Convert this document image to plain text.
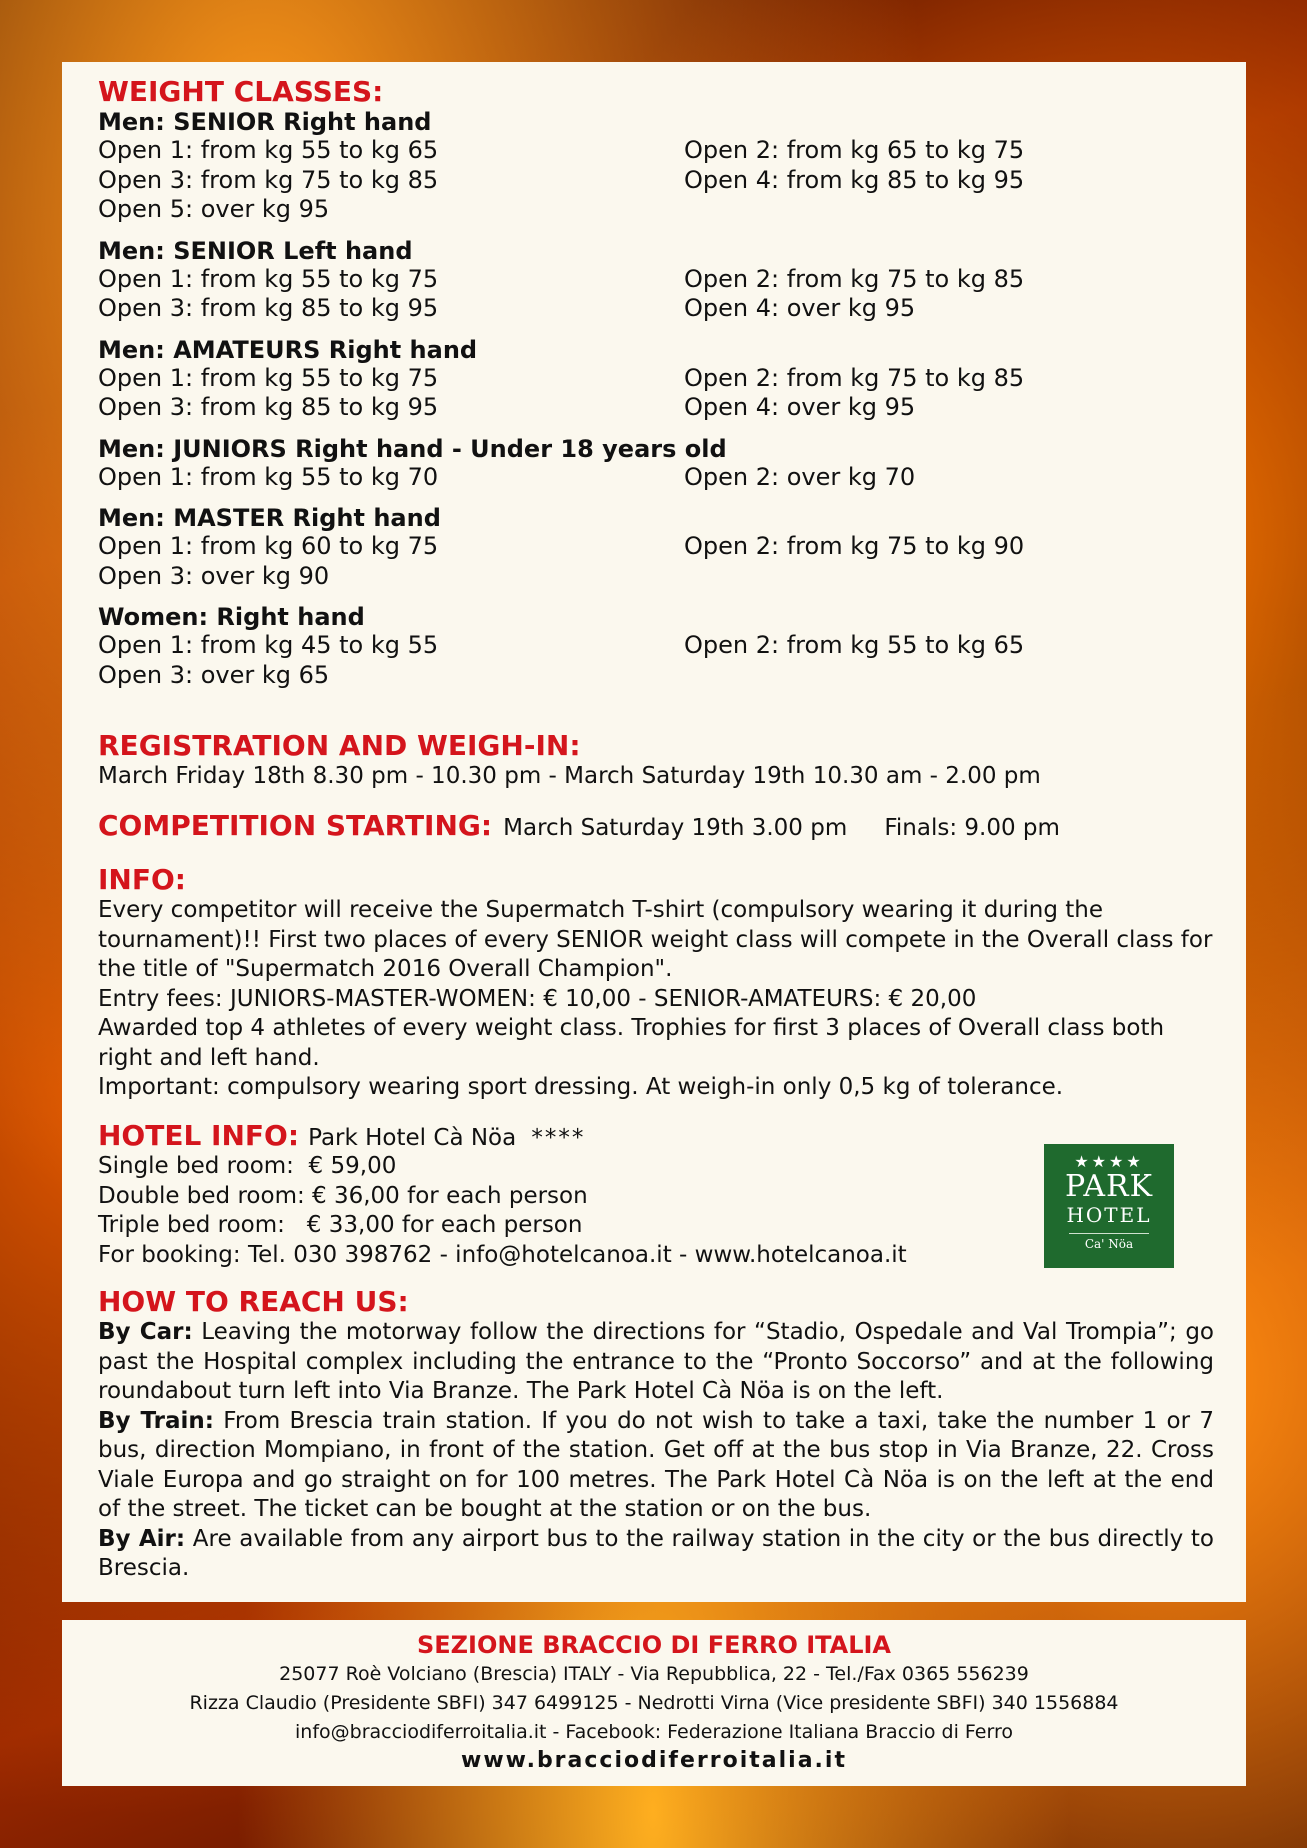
WEIGHT CLASSES:
Men: SENIOR Right hand
Open 1: from kg 55 to kg 65	Open 2: from kg 65 to kg 75
Open 3: from kg 75 to kg 85	Open 4: from kg 85 to kg 95
Open 5: over kg 95
Men: SENIOR Left hand
Open 1: from kg 55 to kg 75	Open 2: from kg 75 to kg 85
Open 3: from kg 85 to kg 95	Open 4: over kg 95
Men: AMATEURS Right hand
Open 1: from kg 55 to kg 75	Open 2: from kg 75 to kg 85
Open 3: from kg 85 to kg 95	Open 4: over kg 95
Men: JUNIORS Right hand - Under 18 years old
Open 1: from kg 55 to kg 70	Open 2: over kg 70
Men: MASTER Right hand
Open 1: from kg 60 to kg 75	Open 2: from kg 75 to kg 90
Open 3: over kg 90
Women: Right hand
Open 1: from kg 45 to kg 55	Open 2: from kg 55 to kg 65
Open 3: over kg 65
REGISTRATION AND WEIGH-IN:
March Friday 18th 8.30 pm - 10.30 pm - March Saturday 19th 10.30 am - 2.00 pm
COMPETITION STARTING: March Saturday 19th 3.00 pm Finals: 9.00 pm
INFO:
Every competitor will receive the Supermatch T-shirt (compulsory wearing it during the tournament)!! First two places of every SENIOR weight class will compete in the Overall class for the title of "Supermatch 2016 Overall Champion".
Entry fees: JUNIORS-MASTER-WOMEN: € 10,00 - SENIOR-AMATEURS: € 20,00
Awarded top 4 athletes of every weight class. Trophies for first 3 places of Overall class both right and left hand.
Important: compulsory wearing sport dressing. At weigh-in only 0,5 kg of tolerance.
HOTEL INFO: Park Hotel Cà Nöa ****
Single bed room:  € 59,00
Double bed room: € 36,00 for each person
Triple bed room:   € 33,00 for each person
For booking: Tel. 030 398762 - info@hotelcanoa.it - www.hotelcanoa.it
★★★★
PARK
HOTEL
Ca' Nöa
HOW TO REACH US:
By Car: Leaving the motorway follow the directions for “Stadio, Ospedale and Val Trompia”; go past the Hospital complex including the entrance to the “Pronto Soccorso” and at the following roundabout turn left into Via Branze. The Park Hotel Cà Nöa is on the left.
By Train: From Brescia train station. If you do not wish to take a taxi, take the number 1 or 7 bus, direction Mompiano, in front of the station. Get off at the bus stop in Via Branze, 22. Cross Viale Europa and go straight on for 100 metres. The Park Hotel Cà Nöa is on the left at the end of the street. The ticket can be bought at the station or on the bus.
By Air: Are available from any airport bus to the railway station in the city or the bus directly to Brescia.
SEZIONE BRACCIO DI FERRO ITALIA
25077 Roè Volciano (Brescia) ITALY - Via Repubblica, 22 - Tel./Fax 0365 556239
Rizza Claudio (Presidente SBFI) 347 6499125 - Nedrotti Virna (Vice presidente SBFI) 340 1556884
info@bracciodiferroitalia.it - Facebook: Federazione Italiana Braccio di Ferro
www.bracciodiferroitalia.it
